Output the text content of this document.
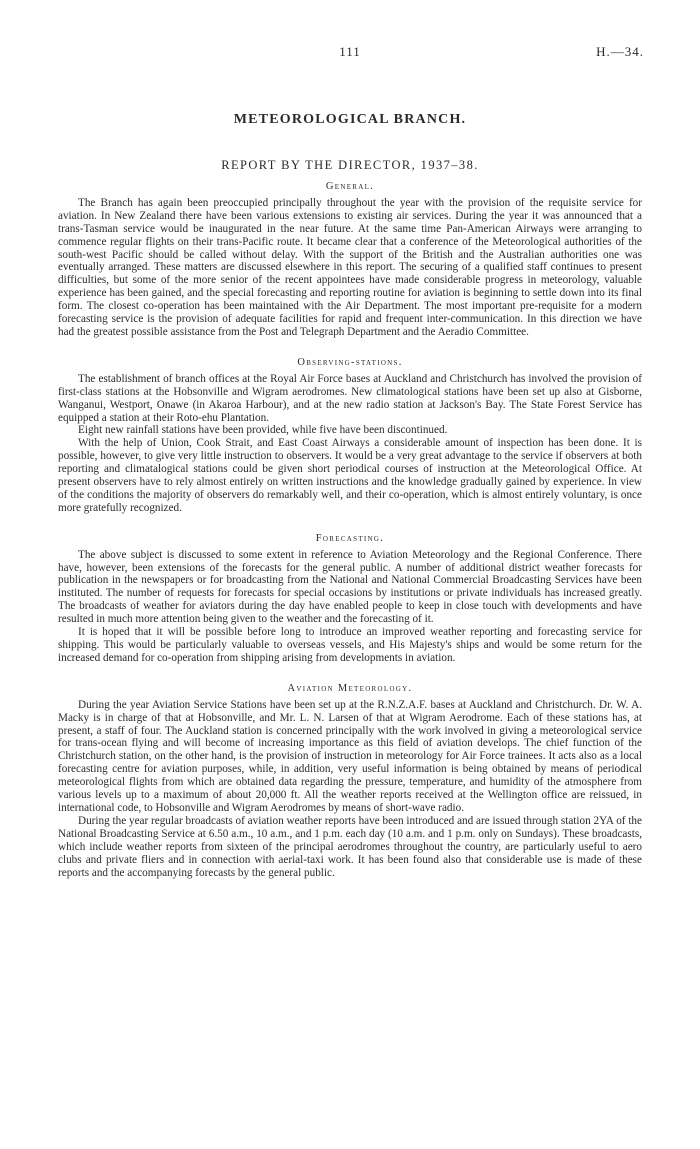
111	H.—34.
METEOROLOGICAL BRANCH.
REPORT BY THE DIRECTOR, 1937–38.
General.

The Branch has again been preoccupied principally throughout the year with the provision of the requisite service for aviation. In New Zealand there have been various extensions to existing air services. During the year it was announced that a trans-Tasman service would be inaugurated in the near future. At the same time Pan-American Airways were arranging to commence regular flights on their trans-Pacific route. It became clear that a conference of the Meteorological authorities of the south-west Pacific should be called without delay. With the support of the British and the Australian authorities one was eventually arranged. These matters are discussed elsewhere in this report. The securing of a qualified staff continues to present difficulties, but some of the more senior of the recent appointees have made considerable progress in meteorology, valuable experience has been gained, and the special forecasting and reporting routine for aviation is beginning to settle down into its final form. The closest co-operation has been maintained with the Air Department. The most important pre-requisite for a modern forecasting service is the provision of adequate facilities for rapid and frequent inter-communication. In this direction we have had the greatest possible assistance from the Post and Telegraph Department and the Aeradio Committee.

Observing-stations.

The establishment of branch offices at the Royal Air Force bases at Auckland and Christchurch has involved the provision of first-class stations at the Hobsonville and Wigram aerodromes. New climatological stations have been set up also at Gisborne, Wanganui, Westport, Onawe (in Akaroa Harbour), and at the new radio station at Jackson's Bay. The State Forest Service has equipped a station at their Roto-ehu Plantation.

Eight new rainfall stations have been provided, while five have been discontinued.

With the help of Union, Cook Strait, and East Coast Airways a considerable amount of inspection has been done. It is possible, however, to give very little instruction to observers. It would be a very great advantage to the service if observers at both reporting and climatalogical stations could be given short periodical courses of instruction at the Meteorological Office. At present observers have to rely almost entirely on written instructions and the knowledge gradually gained by experience. In view of the conditions the majority of observers do remarkably well, and their co-operation, which is almost entirely voluntary, is once more gratefully recognized.

Forecasting.

The above subject is discussed to some extent in reference to Aviation Meteorology and the Regional Conference. There have, however, been extensions of the forecasts for the general public. A number of additional district weather forecasts for publication in the newspapers or for broadcasting from the National and National Commercial Broadcasting Services have been instituted. The number of requests for forecasts for special occasions by institutions or private individuals has increased greatly. The broadcasts of weather for aviators during the day have enabled people to keep in close touch with developments and have resulted in much more attention being given to the weather and the forecasting of it.

It is hoped that it will be possible before long to introduce an improved weather reporting and forecasting service for shipping. This would be particularly valuable to overseas vessels, and His Majesty's ships and would be some return for the increased demand for co-operation from shipping arising from developments in aviation.

Aviation Meteorology.

During the year Aviation Service Stations have been set up at the R.N.Z.A.F. bases at Auckland and Christchurch. Dr. W. A. Macky is in charge of that at Hobsonville, and Mr. L. N. Larsen of that at Wigram Aerodrome. Each of these stations has, at present, a staff of four. The Auckland station is concerned principally with the work involved in giving a meteorological service for trans-ocean flying and will become of increasing importance as this field of aviation develops. The chief function of the Christchurch station, on the other hand, is the provision of instruction in meteorology for Air Force trainees. It acts also as a local forecasting centre for aviation purposes, while, in addition, very useful information is being obtained by means of periodical meteorological flights from which are obtained data regarding the pressure, temperature, and humidity of the atmosphere from various levels up to a maximum of about 20,000 ft. All the weather reports received at the Wellington office are reissued, in international code, to Hobsonville and Wigram Aerodromes by means of short-wave radio.

During the year regular broadcasts of aviation weather reports have been introduced and are issued through station 2YA of the National Broadcasting Service at 6.50 a.m., 10 a.m., and 1 p.m. each day (10 a.m. and 1 p.m. only on Sundays). These broadcasts, which include weather reports from sixteen of the principal aerodromes throughout the country, are particularly useful to aero clubs and private fliers and in connection with aerial-taxi work. It has been found also that considerable use is made of these reports and the accompanying forecasts by the general public.
